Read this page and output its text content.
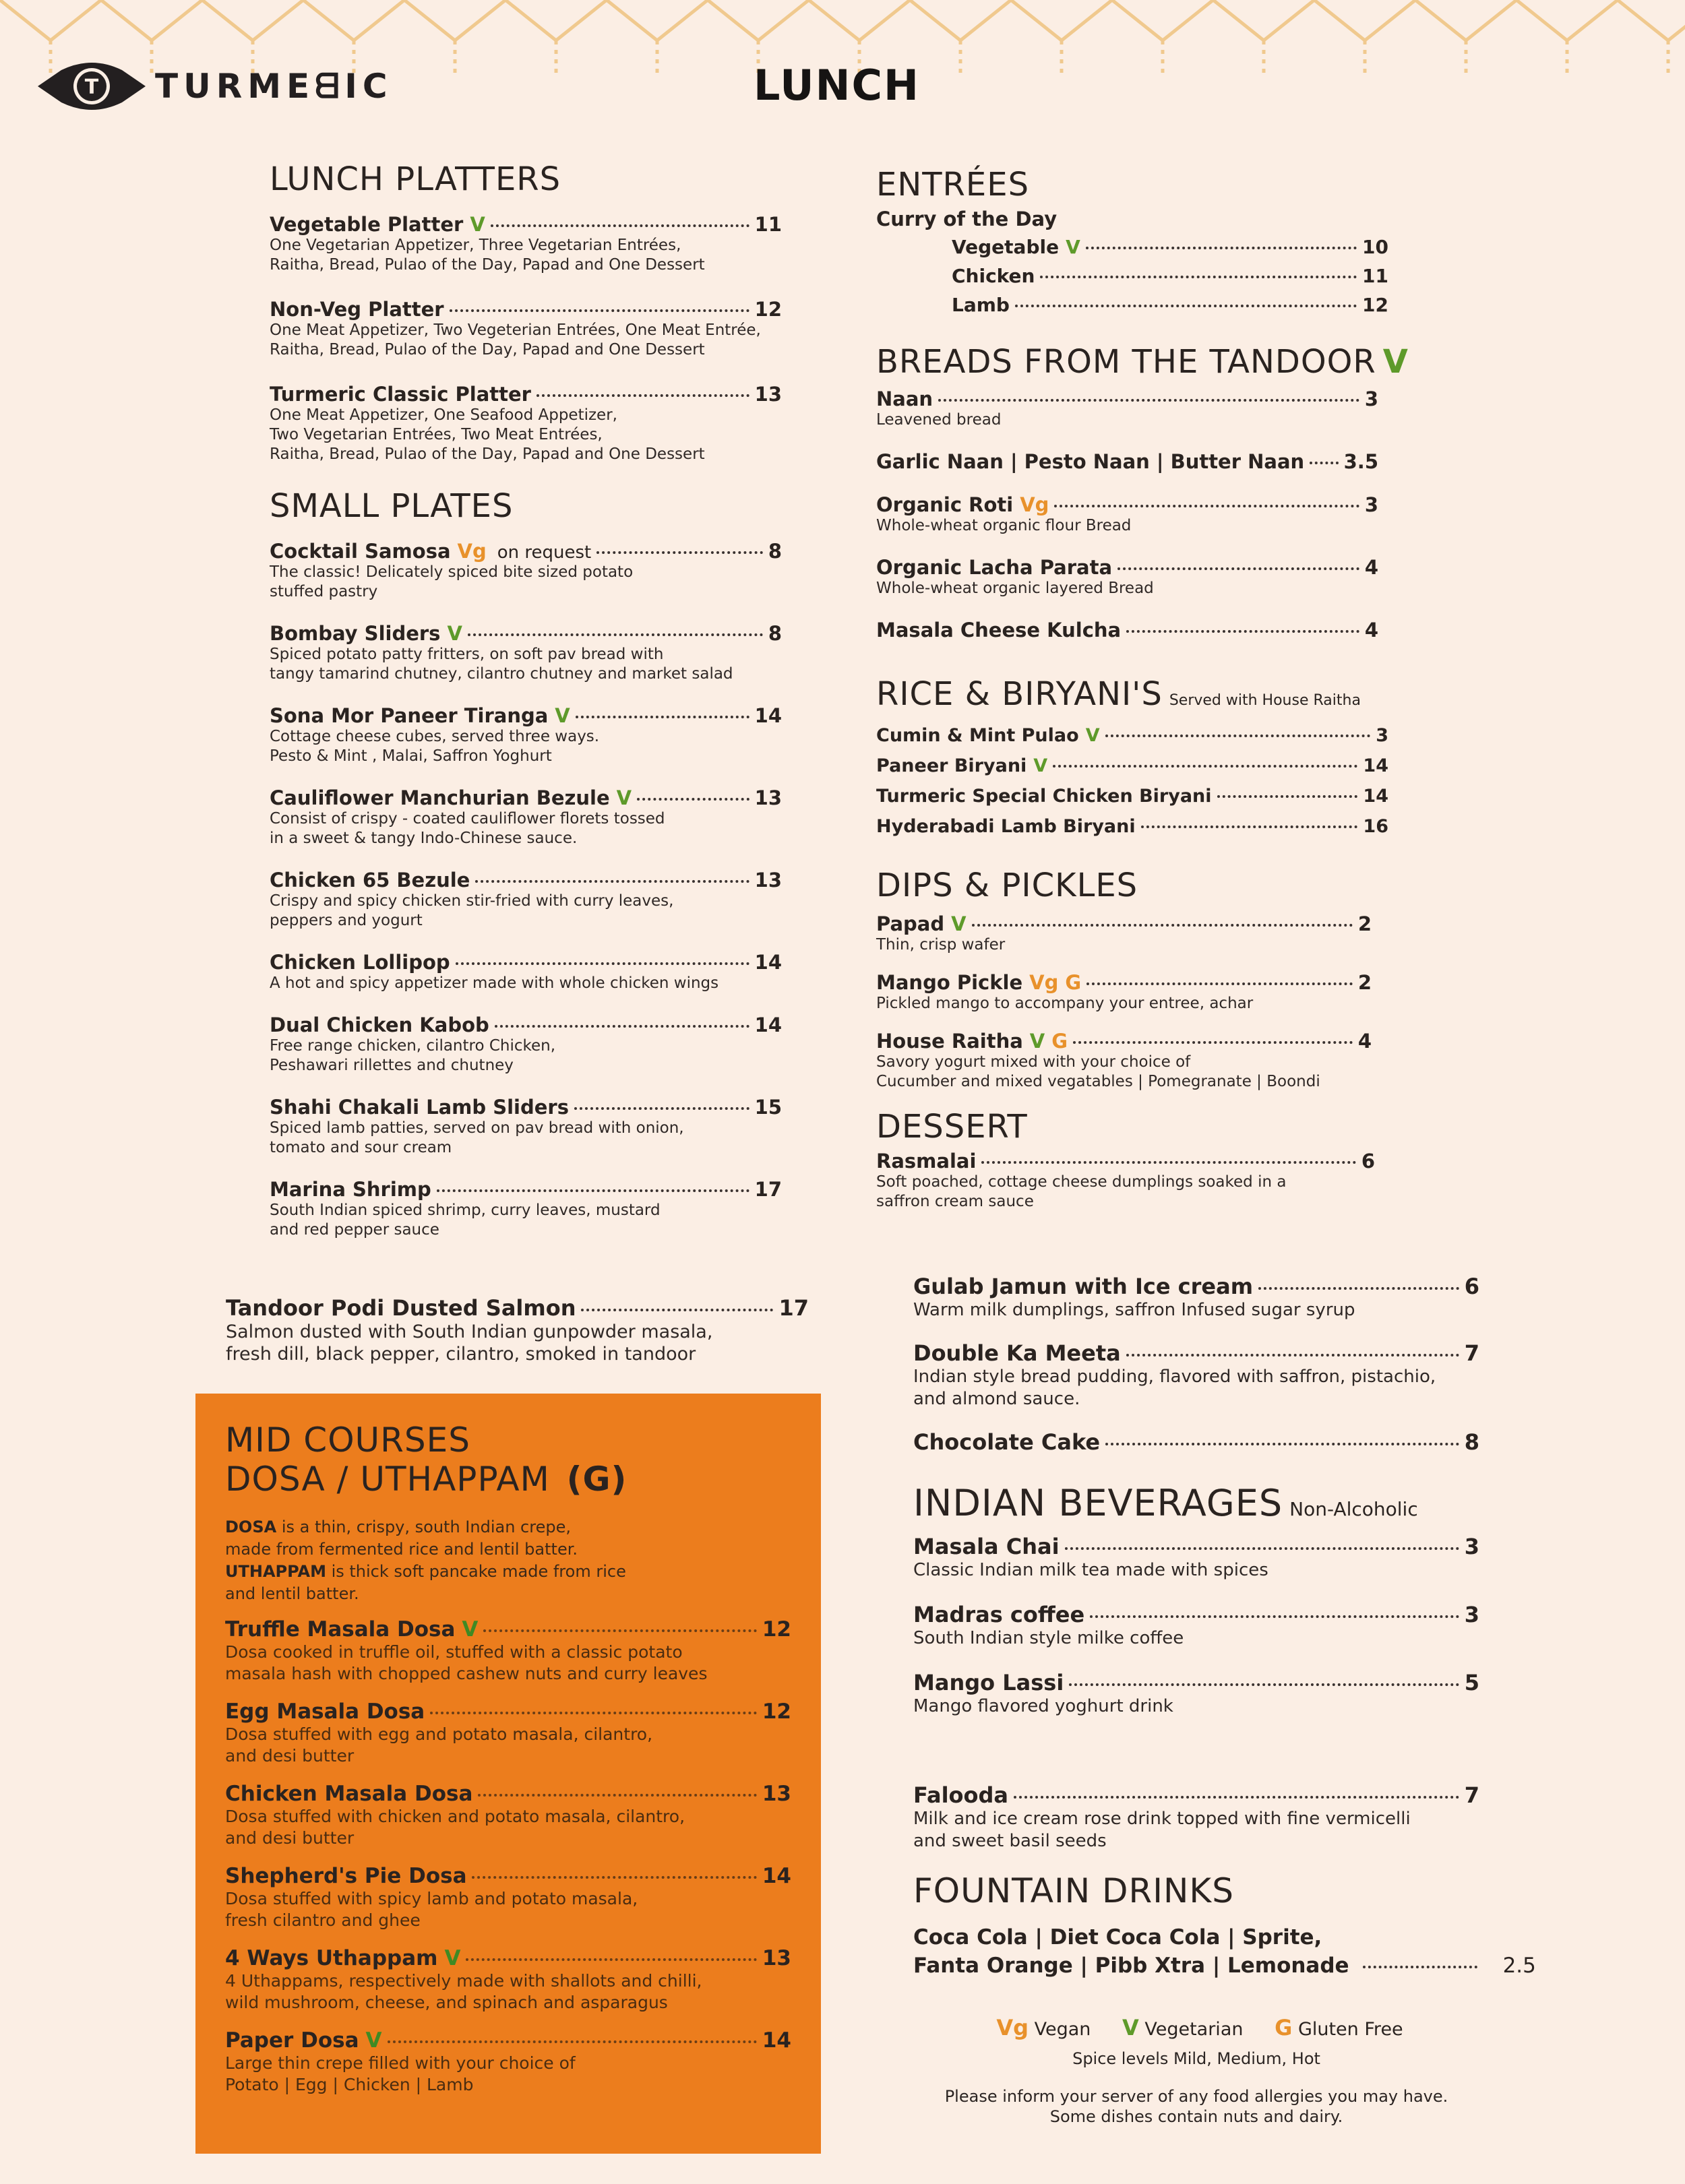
T TURMEᗺIC	LUNCH
LUNCH PLATTERS
Vegetable Platter V	11
One Vegetarian Appetizer, Three Vegetarian Entrées,
Raitha, Bread, Pulao of the Day, Papad and One Dessert
Non-Veg Platter	12
One Meat Appetizer, Two Vegeterian Entrées, One Meat Entrée,
Raitha, Bread, Pulao of the Day, Papad and One Dessert
Turmeric Classic Platter	13
One Meat Appetizer, One Seafood Appetizer,
Two Vegetarian Entrées, Two Meat Entrées,
Raitha, Bread, Pulao of the Day, Papad and One Dessert
SMALL PLATES
Cocktail Samosa Vg on request	8
The classic! Delicately spiced bite sized potato
stuffed pastry
Bombay Sliders V	8
Spiced potato patty fritters, on soft pav bread with
tangy tamarind chutney, cilantro chutney and market salad
Sona Mor Paneer Tiranga V	14
Cottage cheese cubes, served three ways.
Pesto & Mint , Malai, Saffron Yoghurt
Cauliflower Manchurian Bezule V	13
Consist of crispy - coated cauliflower florets tossed
in a sweet & tangy Indo-Chinese sauce.
Chicken 65 Bezule	13
Crispy and spicy chicken stir-fried with curry leaves,
peppers and yogurt
Chicken Lollipop	14
A hot and spicy appetizer made with whole chicken wings
Dual Chicken Kabob	14
Free range chicken, cilantro Chicken,
Peshawari rillettes and chutney
Shahi Chakali Lamb Sliders	15
Spiced lamb patties, served on pav bread with onion,
tomato and sour cream
Marina Shrimp	17
South Indian spiced shrimp, curry leaves, mustard
and red pepper sauce
Tandoor Podi Dusted Salmon	17
Salmon dusted with South Indian gunpowder masala,
fresh dill, black pepper, cilantro, smoked in tandoor
MID COURSES
DOSA / UTHAPPAM (G)
DOSA is a thin, crispy, south Indian crepe,
made from fermented rice and lentil batter.
UTHAPPAM is thick soft pancake made from rice
and lentil batter.
Truffle Masala Dosa V	12
Dosa cooked in truffle oil, stuffed with a classic potato
masala hash with chopped cashew nuts and curry leaves
Egg Masala Dosa	12
Dosa stuffed with egg and potato masala, cilantro,
and desi butter
Chicken Masala Dosa	13
Dosa stuffed with chicken and potato masala, cilantro,
and desi butter
Shepherd's Pie Dosa	14
Dosa stuffed with spicy lamb and potato masala,
fresh cilantro and ghee
4 Ways Uthappam V	13
4 Uthappams, respectively made with shallots and chilli,
wild mushroom, cheese, and spinach and asparagus
Paper Dosa V	14
Large thin crepe filled with your choice of
Potato | Egg | Chicken | Lamb
ENTRÉES
Curry of the Day
Vegetable V	10
Chicken	11
Lamb	12
BREADS FROM THE TANDOOR V
Naan	3
Leavened bread
Garlic Naan | Pesto Naan | Butter Naan 3.5
Organic Roti Vg	3
Whole-wheat organic flour Bread
Organic Lacha Parata	4
Whole-wheat organic layered Bread
Masala Cheese Kulcha	4
RICE & BIRYANI'S Served with House Raitha
Cumin & Mint Pulao V	3
Paneer Biryani V	14
Turmeric Special Chicken Biryani	14
Hyderabadi Lamb Biryani	16
DIPS & PICKLES
Papad V	2
Thin, crisp wafer
Mango Pickle Vg G	2
Pickled mango to accompany your entree, achar
House Raitha V G	4
Savory yogurt mixed with your choice of
Cucumber and mixed vegatables | Pomegranate | Boondi
DESSERT
Rasmalai	6
Soft poached, cottage cheese dumplings soaked in a
saffron cream sauce
Gulab Jamun with Ice cream	6
Warm milk dumplings, saffron Infused sugar syrup
Double Ka Meeta	7
Indian style bread pudding, flavored with saffron, pistachio,
and almond sauce.
Chocolate Cake	8
INDIAN BEVERAGES Non-Alcoholic
Masala Chai	3
Classic Indian milk tea made with spices
Madras coffee	3
South Indian style milke coffee
Mango Lassi	5
Mango flavored yoghurt drink
Falooda	7
Milk and ice cream rose drink topped with fine vermicelli
and sweet basil seeds
FOUNTAIN DRINKS
Coca Cola | Diet Coca Cola | Sprite,
Fanta Orange | Pibb Xtra | Lemonade	2.5
Vg Vegan V Vegetarian G Gluten Free
Spice levels Mild, Medium, Hot
Please inform your server of any food allergies you may have.
Some dishes contain nuts and dairy.
